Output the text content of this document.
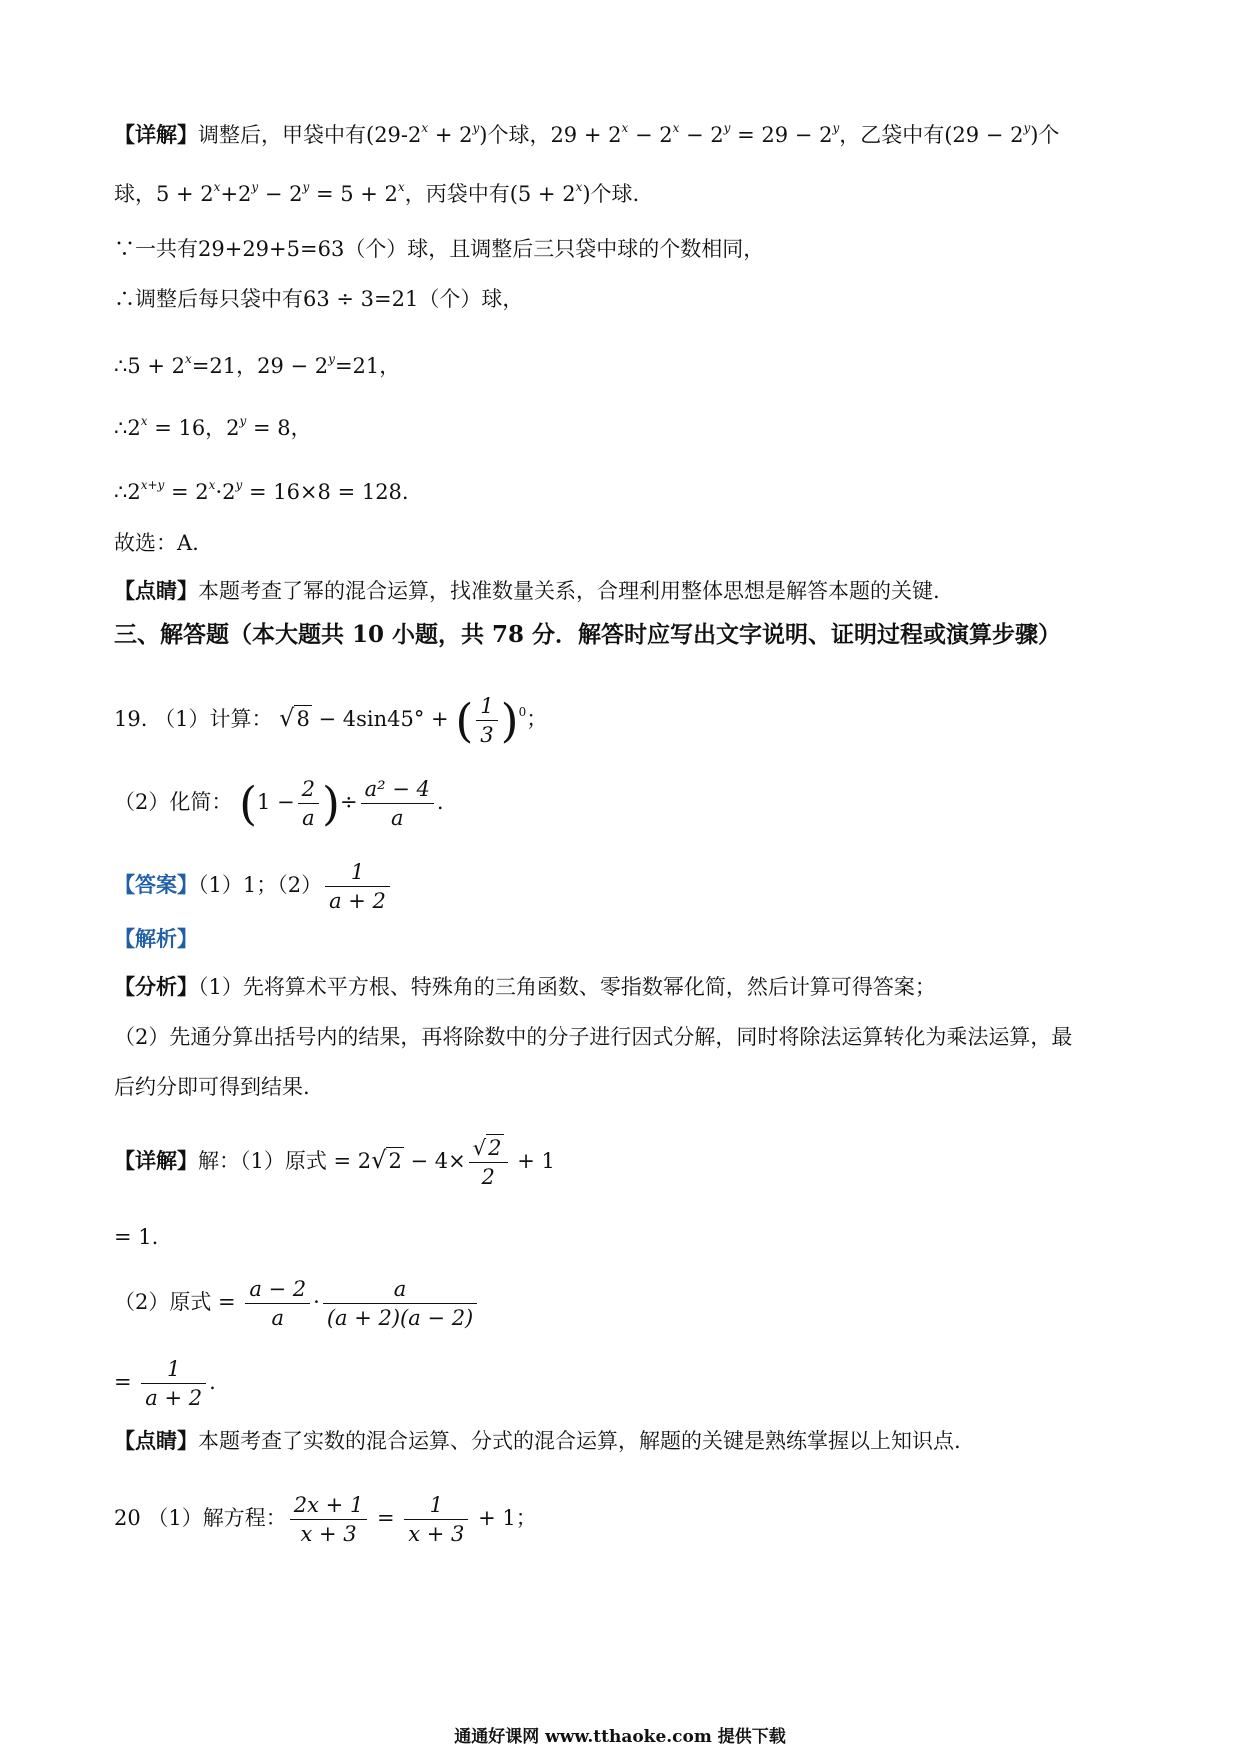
【详解】调整后，甲袋中有$(29-2^x + 2^y)$个球，$29 + 2^x - 2^x - 2^y = 29 - 2^y$，乙袋中有$(29 - 2^y)$个
球，$5 + 2^x+2^y - 2^y = 5 + 2^x$，丙袋中有$(5 + 2^x)$个球.
∵一共有29+29+5=63（个）球，且调整后三只袋中球的个数相同，
∴调整后每只袋中有63 ÷ 3=21（个）球，
∴5 + $2^x=21$，$29 - 2^y=21$，
$\therefore 2^x = 16$，$2^y = 8$，
$\therefore 2^{x+y} = 2^x\cdot 2^y = 16\times 8 = 128$.
故选：A.
【点睛】本题考查了幂的混合运算，找准数量关系，合理利用整体思想是解答本题的关键.
三、解答题（本大题共 10 小题，共 78 分．解答时应写出文字说明、证明过程或演算步骤）
19. （1）计算： √8 − 4sin45° + ( $\frac{1}{3} )^0$；
（2）化简： ($1 - \frac{2}{a}$ )÷ $\frac{\text{a² − 4}}{a}$ .
【答案】（1）1；$(2) \frac{1}{a + 2}$
【解析】
【分析】（1）先将算术平方根、特殊角的三角函数、零指数幂化简，然后计算可得答案；
（2）先通分算出括号内的结果，再将除数中的分子进行因式分解，同时将除法运算转化为乘法运算，最
后约分即可得到结果.
【详解】解：（1）原式 = $2√2 - 4\times \frac{√2}{2} + 1$
= 1.
（2）原式 = $\frac{a - 2}{a} \cdot \frac{a}{(a + 2)(a - 2)}$
= $\frac{1}{a + 2}$ .
【点睛】本题考查了实数的混合运算、分式的混合运算，解题的关键是熟练掌握以上知识点.
20 （1）解方程： $\frac{2x + 1}{x + 3} = \frac{1}{x + 3} + 1$；
通通好课网 www.tthaoke.com 提供下载
